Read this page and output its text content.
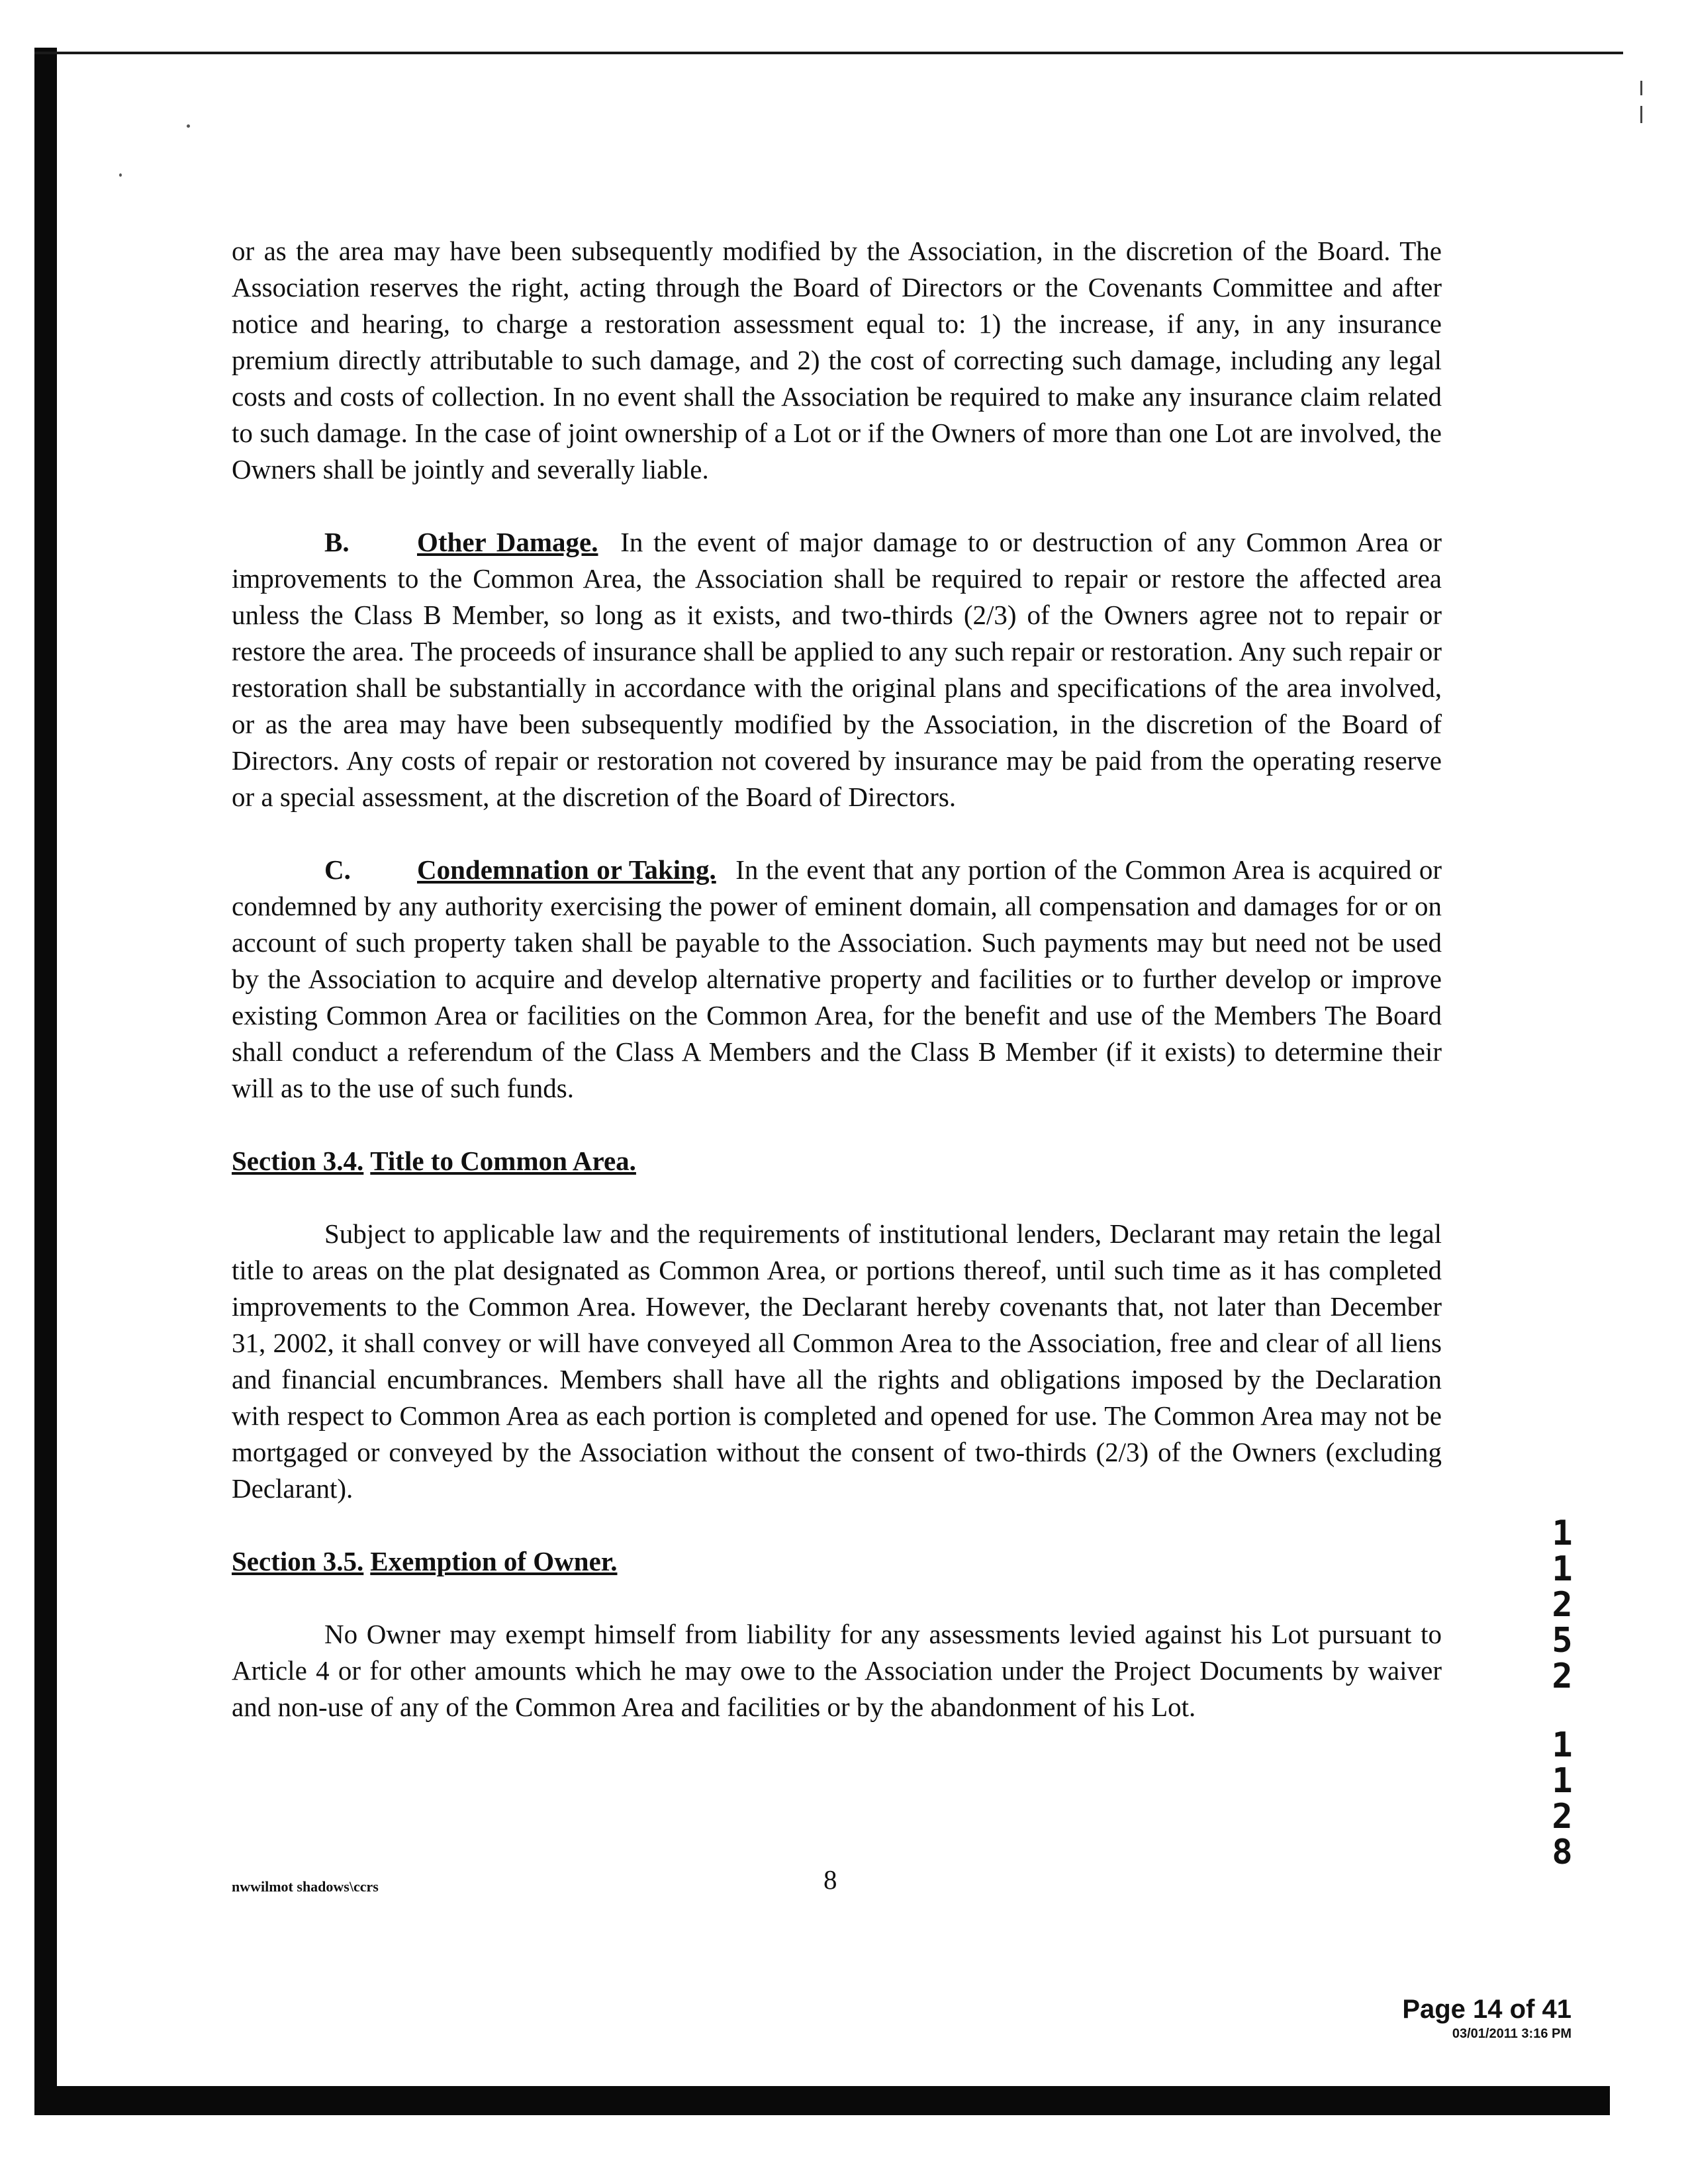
or as the area may have been subsequently modified by the Association, in the discretion of the Board. The Association reserves the right, acting through the Board of Directors or the Covenants Committee and after notice and hearing, to charge a restoration assessment equal to: 1) the increase, if any, in any insurance premium directly attributable to such damage, and 2) the cost of correcting such damage, including any legal costs and costs of collection. In no event shall the Association be required to make any insurance claim related to such damage. In the case of joint ownership of a Lot or if the Owners of more than one Lot are involved, the Owners shall be jointly and severally liable.

B. Other Damage. In the event of major damage to or destruction of any Common Area or improvements to the Common Area, the Association shall be required to repair or restore the affected area unless the Class B Member, so long as it exists, and two-thirds (2/3) of the Owners agree not to repair or restore the area. The proceeds of insurance shall be applied to any such repair or restoration. Any such repair or restoration shall be substantially in accordance with the original plans and specifications of the area involved, or as the area may have been subsequently modified by the Association, in the discretion of the Board of Directors. Any costs of repair or restoration not covered by insurance may be paid from the operating reserve or a special assessment, at the discretion of the Board of Directors.

C. Condemnation or Taking. In the event that any portion of the Common Area is acquired or condemned by any authority exercising the power of eminent domain, all compensation and damages for or on account of such property taken shall be payable to the Association. Such payments may but need not be used by the Association to acquire and develop alternative property and facilities or to further develop or improve existing Common Area or facilities on the Common Area, for the benefit and use of the Members The Board shall conduct a referendum of the Class A Members and the Class B Member (if it exists) to determine their will as to the use of such funds.

Section 3.4. Title to Common Area.

Subject to applicable law and the requirements of institutional lenders, Declarant may retain the legal title to areas on the plat designated as Common Area, or portions thereof, until such time as it has completed improvements to the Common Area. However, the Declarant hereby covenants that, not later than December 31, 2002, it shall convey or will have conveyed all Common Area to the Association, free and clear of all liens and financial encumbrances. Members shall have all the rights and obligations imposed by the Declaration with respect to Common Area as each portion is completed and opened for use. The Common Area may not be mortgaged or conveyed by the Association without the consent of two-thirds (2/3) of the Owners (excluding Declarant).

Section 3.5. Exemption of Owner.

No Owner may exempt himself from liability for any assessments levied against his Lot pursuant to Article 4 or for other amounts which he may owe to the Association under the Project Documents by waiver and non-use of any of the Common Area and facilities or by the abandonment of his Lot.

nwwilmot shadows\ccrs	8
1
1
2
5
2
1
1
2
8
Page 14 of 41
03/01/2011 3:16 PM
